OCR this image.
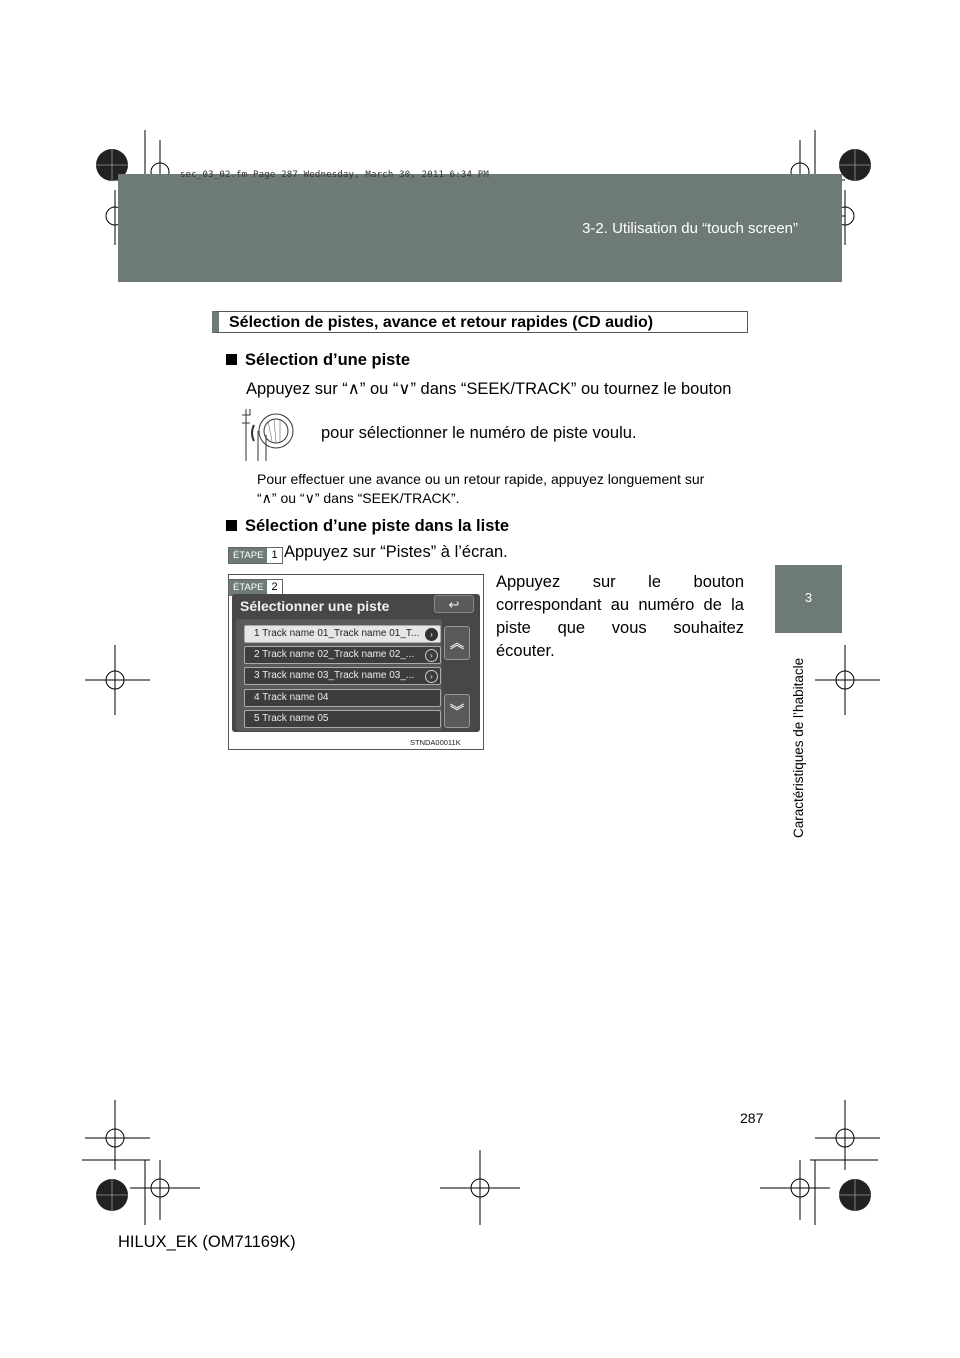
sec_03_02.fm Page 287 Wednesday, March 30, 2011 6:34 PM
3-2. Utilisation du “touch screen”
3
Caractéristiques de l’habitacle
Sélection de pistes, avance et retour rapides (CD audio)
Sélection d’une piste
Appuyez sur “∧” ou “∨” dans “SEEK/TRACK” ou tournez le bouton
pour sélectionner le numéro de piste voulu.
Pour effectuer une avance ou un retour rapide, appuyez longuement sur
“∧” ou “∨” dans “SEEK/TRACK”.
Sélection d’une piste dans la liste
ÉTAPE 1 Appuyez sur “Pistes” à l’écran.
ÉTAPE 2
Sélectionner une piste	↩
1 Track name 01_Track name 01_T...	›
2 Track name 02_Track name 02_...	›
3 Track name 03_Track name 03_...	›
4 Track name 04
5 Track name 05
︽
︾
STNDA00011K
Appuyez sur le bouton
correspondant au numéro de la
piste que vous souhaitez
écouter.
287
HILUX_EK (OM71169K)
